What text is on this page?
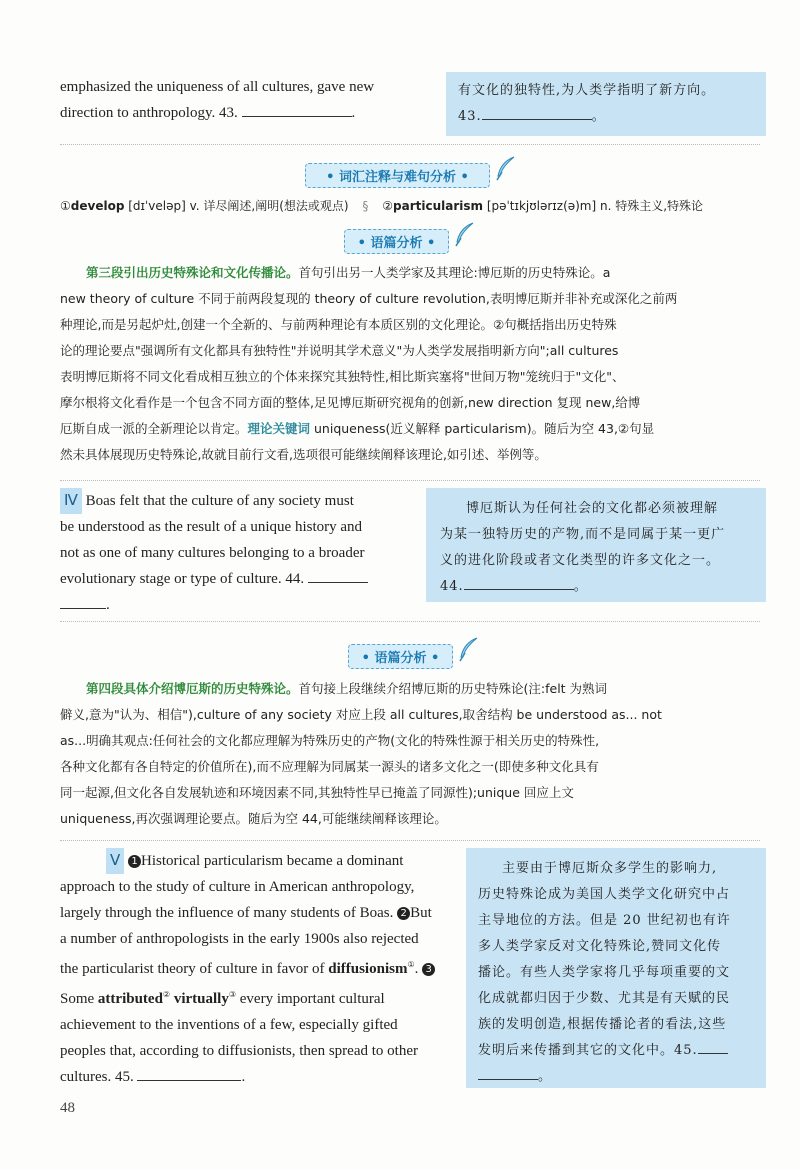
emphasized the uniqueness of all cultures, gave new
direction to anthropology. 43.	.
有文化的独特性,为人类学指明了新方向。
43.	。
• 词汇注释与难句分析 •
①develop [dɪˈveləp] v. 详尽阐述,阐明(想法或观点) § ②particularism [pəˈtɪkjʊlərɪz(ə)m] n. 特殊主义,特殊论
• 语篇分析 •
第三段引出历史特殊论和文化传播论。首句引出另一人类学家及其理论:博厄斯的历史特殊论。a
new theory of culture 不同于前两段复现的 theory of culture revolution,表明博厄斯并非补充或深化之前两
种理论,而是另起炉灶,创建一个全新的、与前两种理论有本质区别的文化理论。②句概括指出历史特殊
论的理论要点"强调所有文化都具有独特性"并说明其学术意义"为人类学发展指明新方向";all cultures
表明博厄斯将不同文化看成相互独立的个体来探究其独特性,相比斯宾塞将"世间万物"笼统归于"文化"、
摩尔根将文化看作是一个包含不同方面的整体,足见博厄斯研究视角的创新,new direction 复现 new,给博
厄斯自成一派的全新理论以肯定。理论关键词 uniqueness(近义解释 particularism)。随后为空 43,②句显
然未具体展现历史特殊论,故就目前行文看,选项很可能继续阐释该理论,如引述、举例等。
Ⅳ Boas felt that the culture of any society must
be understood as the result of a unique history and
not as one of many cultures belonging to a broader
evolutionary stage or type of culture. 44.
.
博厄斯认为任何社会的文化都必须被理解
为某一独特历史的产物,而不是同属于某一更广
义的进化阶段或者文化类型的许多文化之一。
44.	。
• 语篇分析 •
第四段具体介绍博厄斯的历史特殊论。首句接上段继续介绍博厄斯的历史特殊论(注:felt 为熟词
僻义,意为"认为、相信"),culture of any society 对应上段 all cultures,取舍结构 be understood as... not
as...明确其观点:任何社会的文化都应理解为特殊历史的产物(文化的特殊性源于相关历史的特殊性,
各种文化都有各自特定的价值所在),而不应理解为同属某一源头的诸多文化之一(即使多种文化具有
同一起源,但文化各自发展轨迹和环境因素不同,其独特性早已掩盖了同源性);unique 回应上文
uniqueness,再次强调理论要点。随后为空 44,可能继续阐释该理论。
Ⅴ 1 Historical particularism became a dominant
approach to the study of culture in American anthropology,
largely through the influence of many students of Boas. 2 But
a number of anthropologists in the early 1900s also rejected
the particularist theory of culture in favor of diffusionism①. 3
Some attributed② virtually③ every important cultural
achievement to the inventions of a few, especially gifted
peoples that, according to diffusionists, then spread to other
cultures. 45.	.
主要由于博厄斯众多学生的影响力,
历史特殊论成为美国人类学文化研究中占
主导地位的方法。但是 20 世纪初也有许
多人类学家反对文化特殊论,赞同文化传
播论。有些人类学家将几乎每项重要的文
化成就都归因于少数、尤其是有天赋的民
族的发明创造,根据传播论者的看法,这些
发明后来传播到其它的文化中。45.
。
48
